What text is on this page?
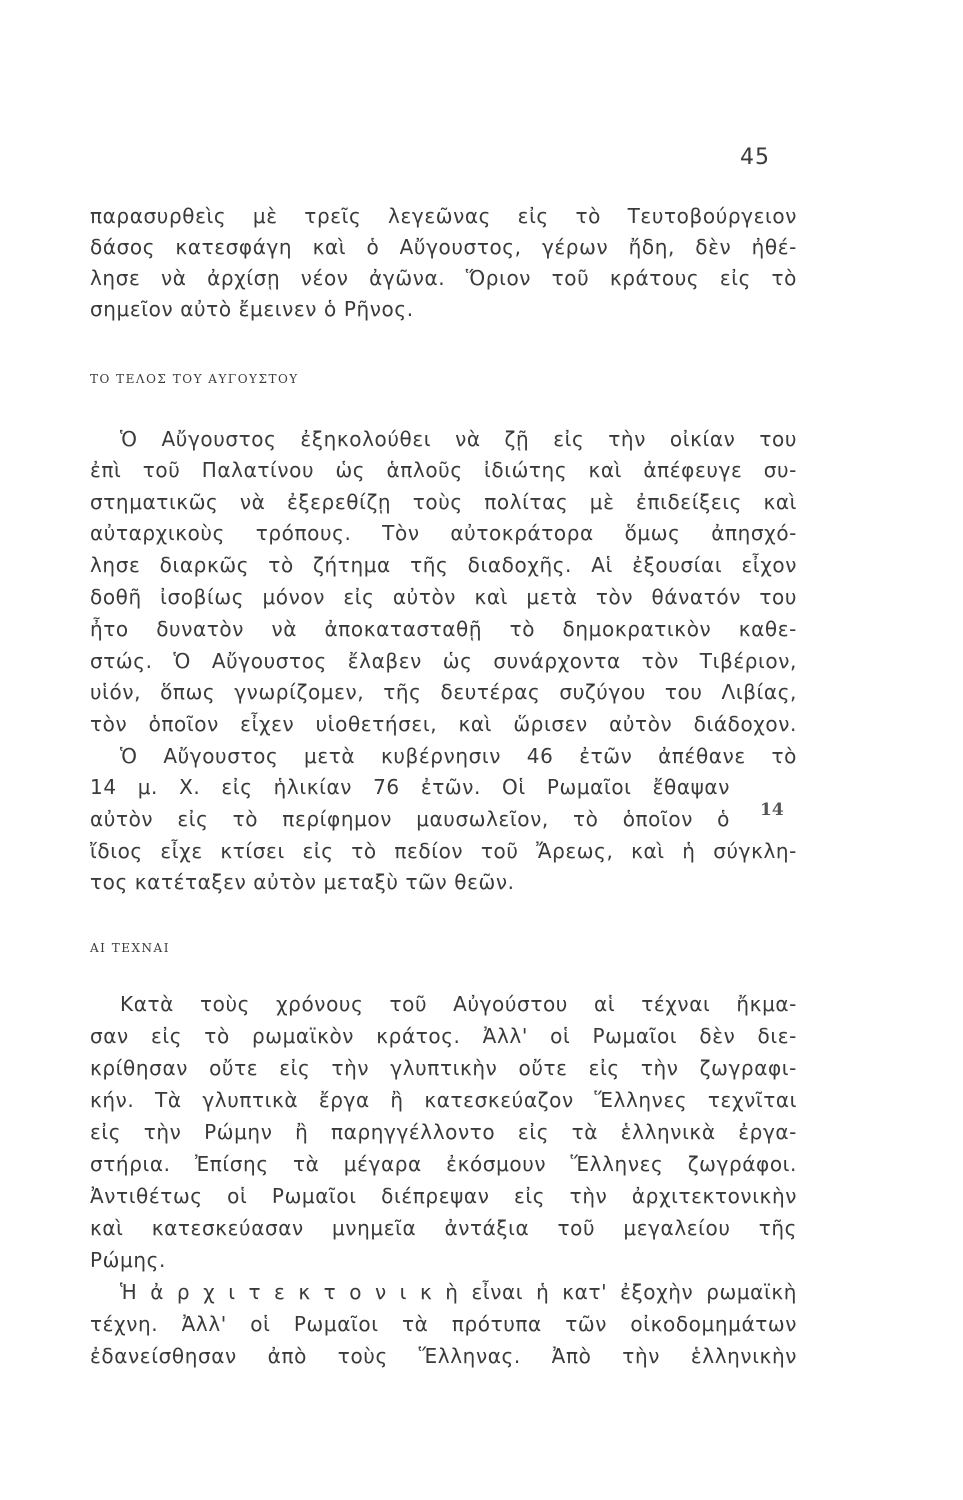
45
παρασυρθεὶς μὲ τρεῖς λεγεῶνας εἰς τὸ Τευτοβούργειον
δάσος κατεσφάγη καὶ ὁ Αὔγουστος, γέρων ἤδη, δὲν ἠθέ-
λησε νὰ ἀρχίσῃ νέον ἀγῶνα. Ὅριον τοῦ κράτους εἰς τὸ
σημεῖον αὐτὸ ἔμεινεν ὁ Ρῆνος.
ΤΟ ΤΕΛΟΣ ΤΟΥ ΑΥΓΟΥΣΤΟΥ
Ὁ Αὔγουστος ἐξηκολούθει νὰ ζῇ εἰς τὴν οἰκίαν του
ἐπὶ τοῦ Παλατίνου ὡς ἁπλοῦς ἰδιώτης καὶ ἀπέφευγε συ-
στηματικῶς νὰ ἐξερεθίζῃ τοὺς πολίτας μὲ ἐπιδείξεις καὶ
αὐταρχικοὺς τρόπους. Τὸν αὐτοκράτορα ὅμως ἀπησχό-
λησε διαρκῶς τὸ ζήτημα τῆς διαδοχῆς. Αἱ ἐξουσίαι εἶχον
δοθῆ ἰσοβίως μόνον εἰς αὐτὸν καὶ μετὰ τὸν θάνατόν του
ἦτο δυνατὸν νὰ ἀποκατασταθῇ τὸ δημοκρατικὸν καθε-
στώς. Ὁ Αὔγουστος ἔλαβεν ὡς συνάρχοντα τὸν Τιβέριον,
υἱόν, ὅπως γνωρίζομεν, τῆς δευτέρας συζύγου του Λιβίας,
τὸν ὁποῖον εἶχεν υἱοθετήσει, καὶ ὥρισεν αὐτὸν διάδοχον.
Ὁ Αὔγουστος μετὰ κυβέρνησιν 46 ἐτῶν ἀπέθανε τὸ
14 μ. Χ. εἰς ἡλικίαν 76 ἐτῶν. Οἱ Ρωμαῖοι ἔθαψαν
αὐτὸν εἰς τὸ περίφημον μαυσωλεῖον, τὸ ὁποῖον ὁ
ἴδιος εἶχε κτίσει εἰς τὸ πεδίον τοῦ Ἄρεως, καὶ ἡ σύγκλη-
τος κατέταξεν αὐτὸν μεταξὺ τῶν θεῶν.
14
ΑΙ ΤΕΧΝΑΙ
Κατὰ τοὺς χρόνους τοῦ Αὐγούστου αἱ τέχναι ἤκμα-
σαν εἰς τὸ ρωμαϊκὸν κράτος. Ἀλλ' οἱ Ρωμαῖοι δὲν διε-
κρίθησαν οὔτε εἰς τὴν γλυπτικὴν οὔτε εἰς τὴν ζωγραφι-
κήν. Τὰ γλυπτικὰ ἔργα ἢ κατεσκεύαζον Ἕλληνες τεχνῖται
εἰς τὴν Ρώμην ἢ παρηγγέλλοντο εἰς τὰ ἑλληνικὰ ἐργα-
στήρια. Ἐπίσης τὰ μέγαρα ἐκόσμουν Ἕλληνες ζωγράφοι.
Ἀντιθέτως οἱ Ρωμαῖοι διέπρεψαν εἰς τὴν ἀρχιτεκτονικὴν
καὶ κατεσκεύασαν μνημεῖα ἀντάξια τοῦ μεγαλείου τῆς
Ρώμης.
Ἡ ἀ ρ χ ι τ ε κ τ ο ν ι κ ὴ εἶναι ἡ κατ' ἐξοχὴν ρωμαϊκὴ
τέχνη. Ἀλλ' οἱ Ρωμαῖοι τὰ πρότυπα τῶν οἰκοδομημάτων
ἐδανείσθησαν ἀπὸ τοὺς Ἕλληνας. Ἀπὸ τὴν ἑλληνικὴν
